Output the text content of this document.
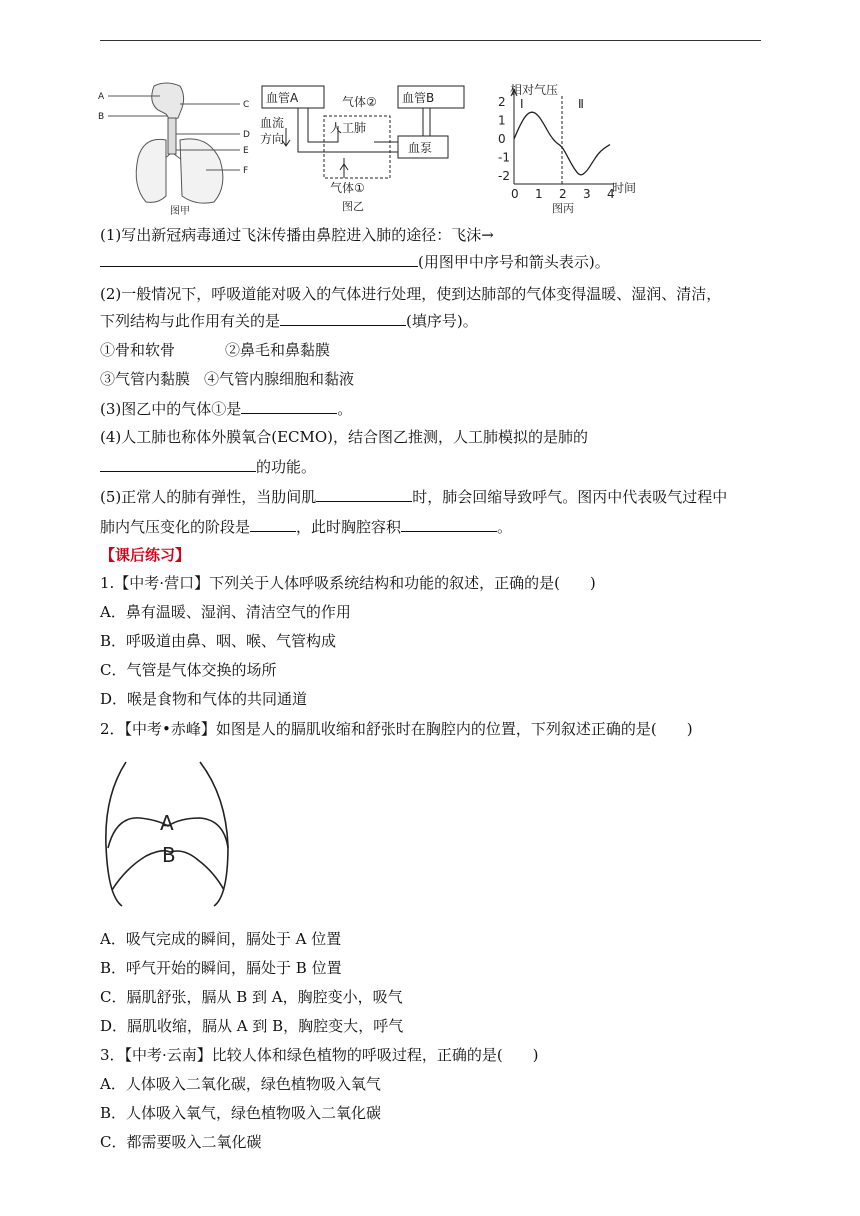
A
B
C
D
E
F
图甲
血管A	血管B
气体②
人工肺
血流
方向
血泵
气体①
图乙
相对气压
时间
Ⅰ	Ⅱ
图丙
2
1
0
-1
-2
0 1 2 3 4
(1)写出新冠病毒通过飞沫传播由鼻腔进入肺的途径：飞沫→
(用图甲中序号和箭头表示)。
(2)一般情况下，呼吸道能对吸入的气体进行处理，使到达肺部的气体变得温暖、湿润、清洁，
下列结构与此作用有关的是	(填序号)。
①骨和软骨	②鼻毛和鼻黏膜
③气管内黏膜 ④气管内腺细胞和黏液
(3)图乙中的气体①是	。
(4)人工肺也称体外膜氧合(ECMO)，结合图乙推测，人工肺模拟的是肺的
的功能。
(5)正常人的肺有弹性，当肋间肌	时，肺会回缩导致呼气。图丙中代表吸气过程中
肺内气压变化的阶段是	，此时胸腔容积	。
【课后练习】
1.【中考·营口】下列关于人体呼吸系统结构和功能的叙述，正确的是(　　)
A．鼻有温暖、湿润、清洁空气的作用
B．呼吸道由鼻、咽、喉、气管构成
C．气管是气体交换的场所
D．喉是食物和气体的共同通道
2．【中考•赤峰】如图是人的膈肌收缩和舒张时在胸腔内的位置，下列叙述正确的是(　　)
A
B
A．吸气完成的瞬间，膈处于 A 位置
B．呼气开始的瞬间，膈处于 B 位置
C．膈肌舒张，膈从 B 到 A，胸腔变小，吸气
D．膈肌收缩，膈从 A 到 B，胸腔变大，呼气
3．【中考·云南】比较人体和绿色植物的呼吸过程，正确的是(　　)
A．人体吸入二氧化碳，绿色植物吸入氧气
B．人体吸入氧气，绿色植物吸入二氧化碳
C．都需要吸入二氧化碳
